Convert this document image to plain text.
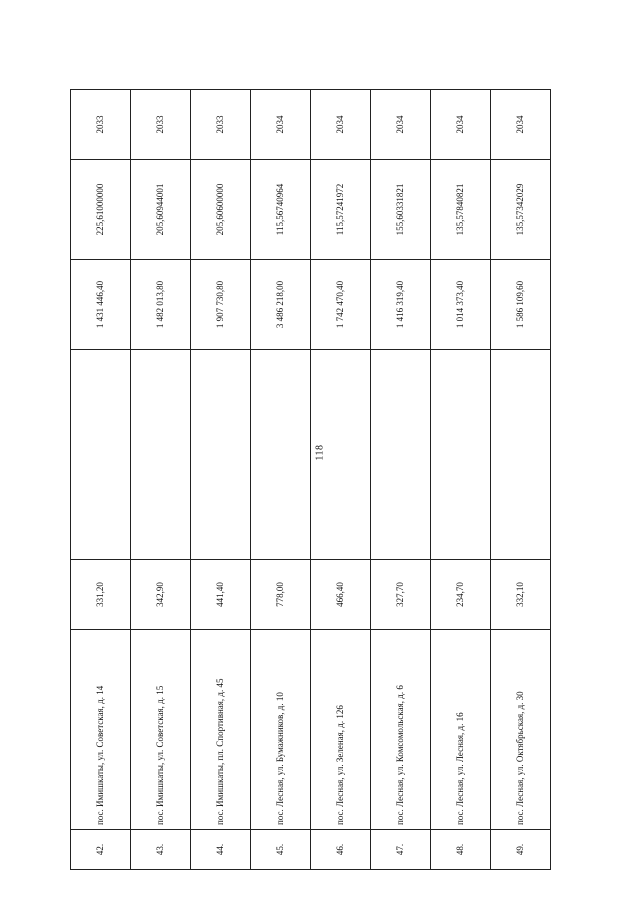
118
42.	пос. Имишкаты, ул. Советская, д. 14	331,20		1 431 446,40	225,61000000	2033
43.	пос. Имишкаты, ул. Советская, д. 15	342,90		1 482 013,80	205,60944001	2033
44.	пос. Имишкаты, пл. Спортивная, д. 45	441,40		1 907 730,80	205,60600000	2033
45.	пос. Лесная, ул. Бумажников, д. 10	778,00		3 486 218,00	115,56740964	2034
46.	пос. Лесная, ул. Зеленая, д. 126	466,40		1 742 470,40	115,57241972	2034
47.	пос. Лесная, ул. Комсомольская, д. 6	327,70		1 416 319,40	155,60331821	2034
48.	пос. Лесная, ул. Лесная, д. 16	234,70		1 014 373,40	135,57840821	2034
49.	пос. Лесная, ул. Октябрьская, д. 30	332,10		1 586 109,60	135,57342029	2034
